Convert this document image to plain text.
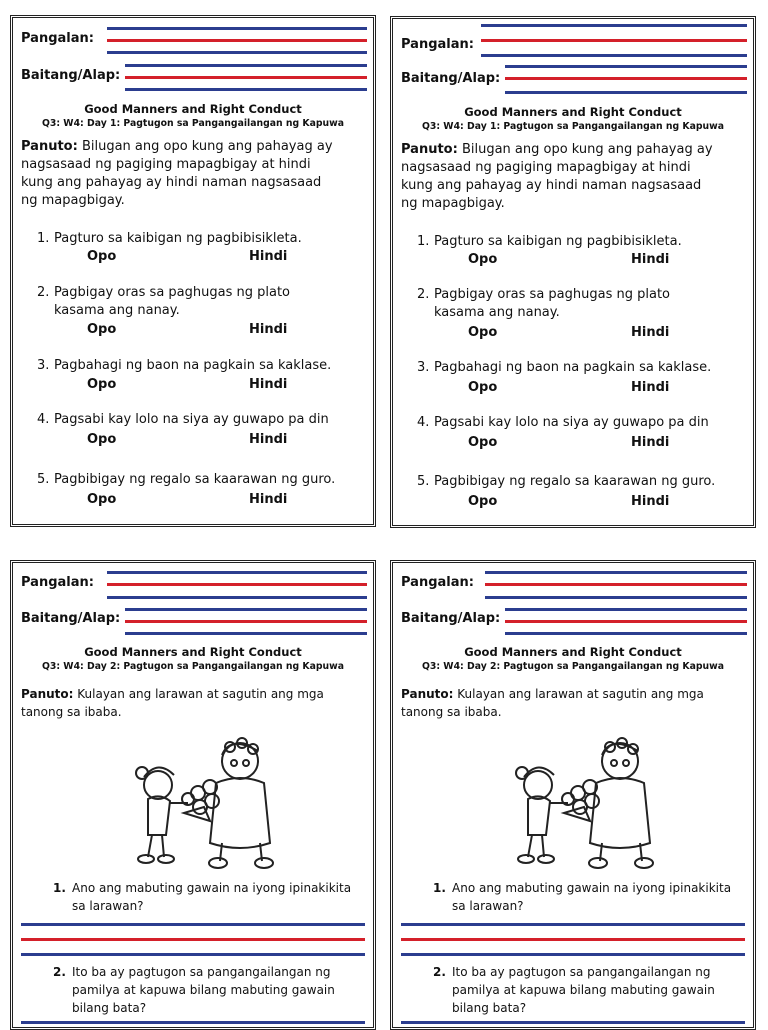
Pangalan:
Baitang/Alap:
Good Manners and Right Conduct
Q3: W4: Day 1: Pagtugon sa Pangangailangan ng Kapuwa
Panuto: Bilugan ang opo kung ang pahayag ay
nagsasaad ng pagiging mapagbigay at hindi
kung ang pahayag ay hindi naman nagsasaad
ng mapagbigay.
1. Pagturo sa kaibigan ng pagbibisikleta.
Opo	Hindi
2. Pagbigay oras sa paghugas ng plato
kasama ang nanay.
Opo	Hindi
3. Pagbahagi ng baon na pagkain sa kaklase.
Opo	Hindi
4. Pagsabi kay lolo na siya ay guwapo pa din
Opo	Hindi
5. Pagbibigay ng regalo sa kaarawan ng guro.
Opo	Hindi
Pangalan:
Baitang/Alap:
Good Manners and Right Conduct
Q3: W4: Day 1: Pagtugon sa Pangangailangan ng Kapuwa
Panuto: Bilugan ang opo kung ang pahayag ay
nagsasaad ng pagiging mapagbigay at hindi
kung ang pahayag ay hindi naman nagsasaad
ng mapagbigay.
1. Pagturo sa kaibigan ng pagbibisikleta.
Opo	Hindi
2. Pagbigay oras sa paghugas ng plato
kasama ang nanay.
Opo	Hindi
3. Pagbahagi ng baon na pagkain sa kaklase.
Opo	Hindi
4. Pagsabi kay lolo na siya ay guwapo pa din
Opo	Hindi
5. Pagbibigay ng regalo sa kaarawan ng guro.
Opo	Hindi
Pangalan:
Baitang/Alap:
Good Manners and Right Conduct
Q3: W4: Day 2: Pagtugon sa Pangangailangan ng Kapuwa
Panuto: Kulayan ang larawan at sagutin ang mga
tanong sa ibaba.
1. Ano ang mabuting gawain na iyong ipinakikita
sa larawan?
2. Ito ba ay pagtugon sa pangangailangan ng
pamilya at kapuwa bilang mabuting gawain
bilang bata?
Pangalan:
Baitang/Alap:
Good Manners and Right Conduct
Q3: W4: Day 2: Pagtugon sa Pangangailangan ng Kapuwa
Panuto: Kulayan ang larawan at sagutin ang mga
tanong sa ibaba.
1. Ano ang mabuting gawain na iyong ipinakikita
sa larawan?
2. Ito ba ay pagtugon sa pangangailangan ng
pamilya at kapuwa bilang mabuting gawain
bilang bata?
